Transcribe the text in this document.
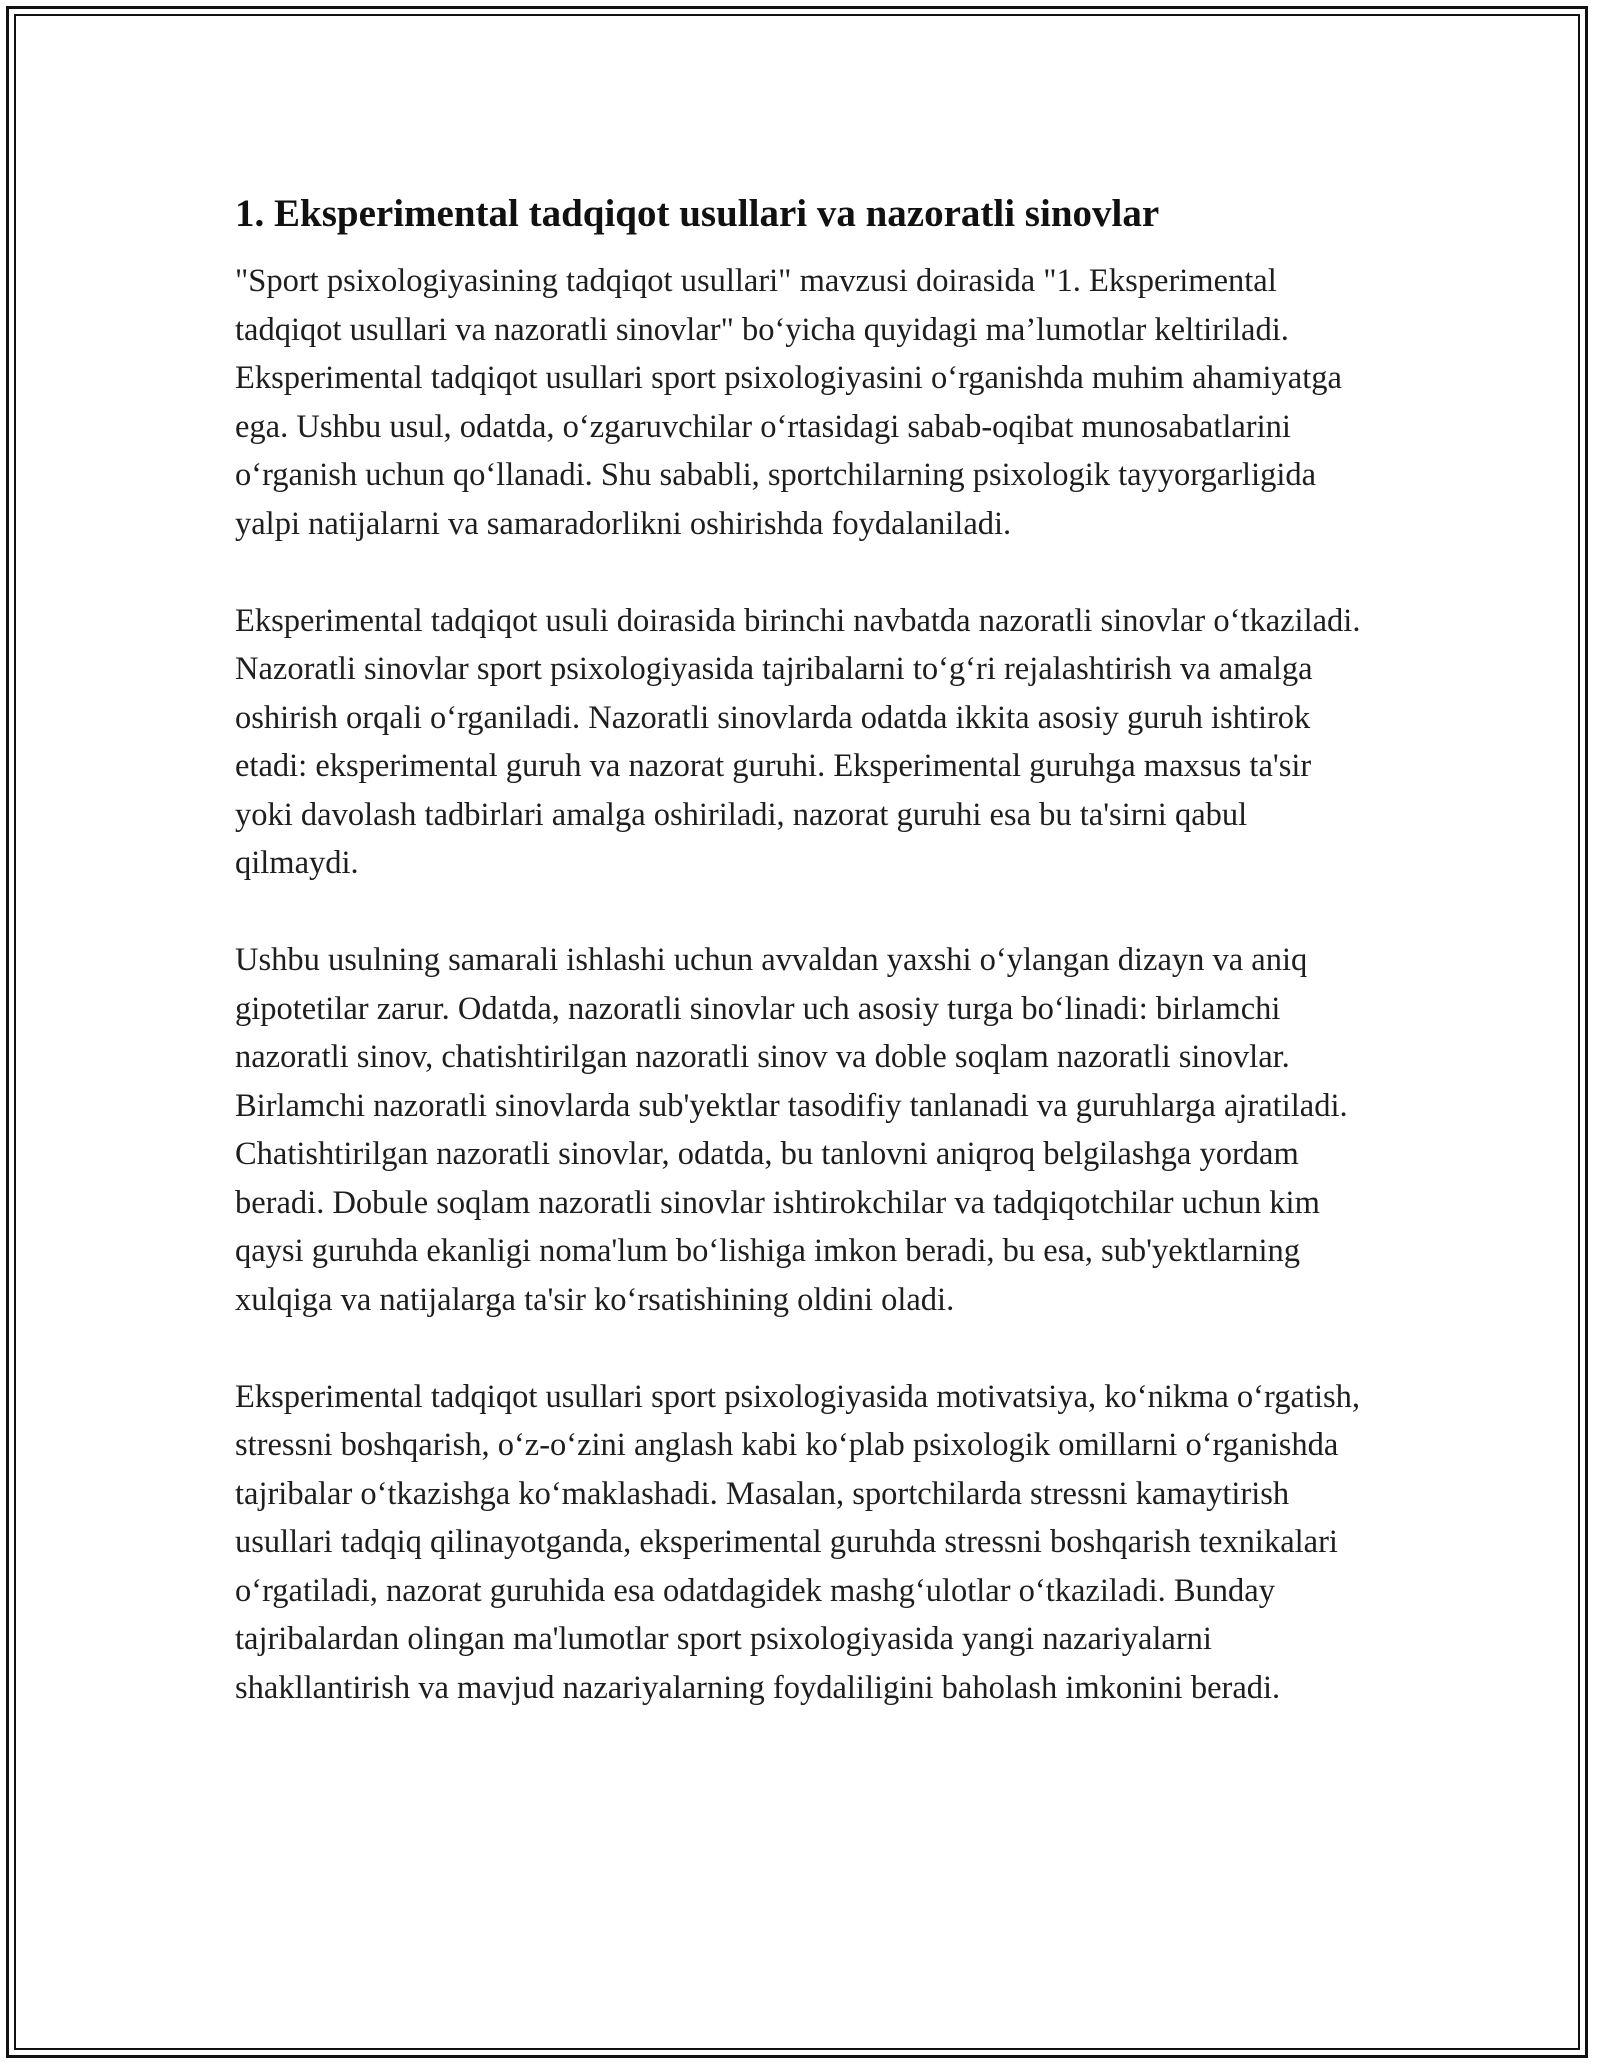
1. Eksperimental tadqiqot usullari va nazoratli sinovlar

"Sport psixologiyasining tadqiqot usullari" mavzusi doirasida "1. Eksperimental tadqiqot usullari va nazoratli sinovlar" bo‘yicha quyidagi ma’lumotlar keltiriladi. Eksperimental tadqiqot usullari sport psixologiyasini o‘rganishda muhim ahamiyatga ega. Ushbu usul, odatda, o‘zgaruvchilar o‘rtasidagi sabab-oqibat munosabatlarini o‘rganish uchun qo‘llanadi. Shu sababli, sportchilarning psixologik tayyorgarligida yalpi natijalarni va samaradorlikni oshirishda foydalaniladi.

Eksperimental tadqiqot usuli doirasida birinchi navbatda nazoratli sinovlar o‘tkaziladi. Nazoratli sinovlar sport psixologiyasida tajribalarni to‘g‘ri rejalashtirish va amalga oshirish orqali o‘rganiladi. Nazoratli sinovlarda odatda ikkita asosiy guruh ishtirok etadi: eksperimental guruh va nazorat guruhi. Eksperimental guruhga maxsus ta'sir yoki davolash tadbirlari amalga oshiriladi, nazorat guruhi esa bu ta'sirni qabul qilmaydi.

Ushbu usulning samarali ishlashi uchun avvaldan yaxshi o‘ylangan dizayn va aniq gipotetilar zarur. Odatda, nazoratli sinovlar uch asosiy turga bo‘linadi: birlamchi nazoratli sinov, chatishtirilgan nazoratli sinov va doble soqlam nazoratli sinovlar. Birlamchi nazoratli sinovlarda sub'yektlar tasodifiy tanlanadi va guruhlarga ajratiladi. Chatishtirilgan nazoratli sinovlar, odatda, bu tanlovni aniqroq belgilashga yordam beradi. Dobule soqlam nazoratli sinovlar ishtirokchilar va tadqiqotchilar uchun kim qaysi guruhda ekanligi noma'lum bo‘lishiga imkon beradi, bu esa, sub'yektlarning xulqiga va natijalarga ta'sir ko‘rsatishining oldini oladi.

Eksperimental tadqiqot usullari sport psixologiyasida motivatsiya, ko‘nikma o‘rgatish, stressni boshqarish, o‘z-o‘zini anglash kabi ko‘plab psixologik omillarni o‘rganishda tajribalar o‘tkazishga ko‘maklashadi. Masalan, sportchilarda stressni kamaytirish usullari tadqiq qilinayotganda, eksperimental guruhda stressni boshqarish texnikalari o‘rgatiladi, nazorat guruhida esa odatdagidek mashg‘ulotlar o‘tkaziladi. Bunday tajribalardan olingan ma'lumotlar sport psixologiyasida yangi nazariyalarni shakllantirish va mavjud nazariyalarning foydaliligini baholash imkonini beradi.
